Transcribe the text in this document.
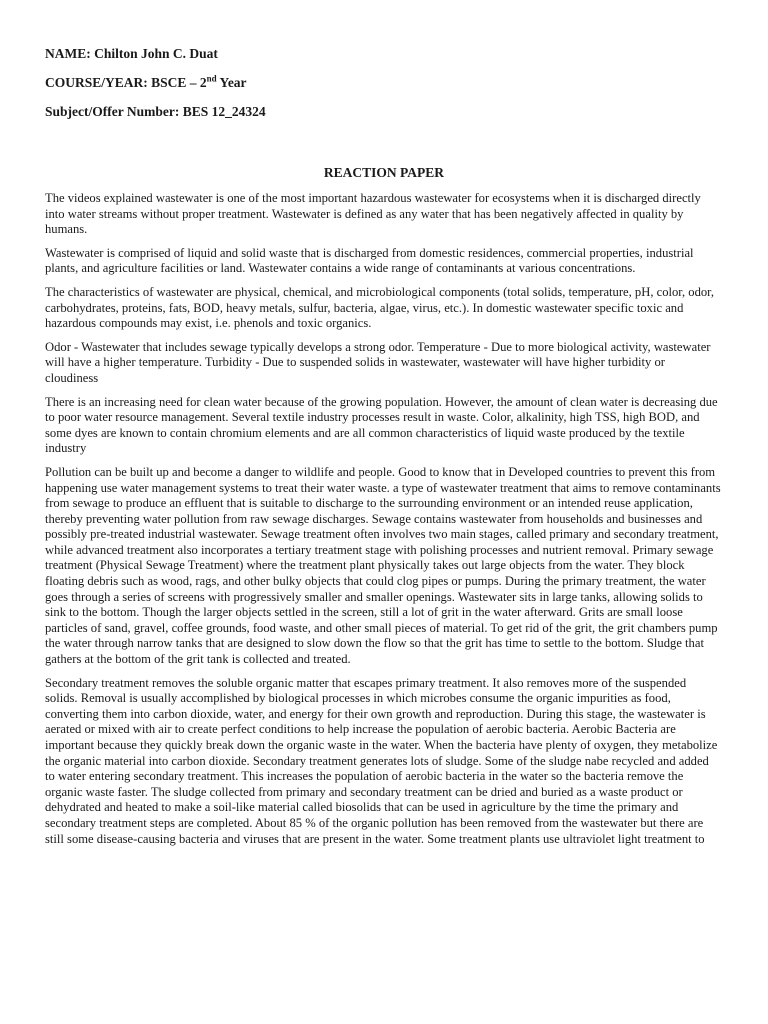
NAME: Chilton John C. Duat
COURSE/YEAR: BSCE – 2nd Year
Subject/Offer Number: BES 12_24324
REACTION PAPER

The videos explained wastewater is one of the most important hazardous wastewater for ecosystems when it is discharged directly into water streams without proper treatment. Wastewater is defined as any water that has been negatively affected in quality by humans.

Wastewater is comprised of liquid and solid waste that is discharged from domestic residences, commercial properties, industrial plants, and agriculture facilities or land. Wastewater contains a wide range of contaminants at various concentrations.

The characteristics of wastewater are physical, chemical, and microbiological components (total solids, temperature, pH, color, odor, carbohydrates, proteins, fats, BOD, heavy metals, sulfur, bacteria, algae, virus, etc.). In domestic wastewater specific toxic and hazardous compounds may exist, i.e. phenols and toxic organics.

Odor - Wastewater that includes sewage typically develops a strong odor. Temperature - Due to more biological activity, wastewater will have a higher temperature. Turbidity - Due to suspended solids in wastewater, wastewater will have higher turbidity or cloudiness

There is an increasing need for clean water because of the growing population. However, the amount of clean water is decreasing due to poor water resource management. Several textile industry processes result in waste. Color, alkalinity, high TSS, high BOD, and some dyes are known to contain chromium elements and are all common characteristics of liquid waste produced by the textile industry

Pollution can be built up and become a danger to wildlife and people. Good to know that in Developed countries to prevent this from happening use water management systems to treat their water waste. a type of wastewater treatment that aims to remove contaminants from sewage to produce an effluent that is suitable to discharge to the surrounding environment or an intended reuse application, thereby preventing water pollution from raw sewage discharges. Sewage contains wastewater from households and businesses and possibly pre-treated industrial wastewater. Sewage treatment often involves two main stages, called primary and secondary treatment, while advanced treatment also incorporates a tertiary treatment stage with polishing processes and nutrient removal. Primary sewage treatment (Physical Sewage Treatment) where the treatment plant physically takes out large objects from the water. They block floating debris such as wood, rags, and other bulky objects that could clog pipes or pumps. During the primary treatment, the water goes through a series of screens with progressively smaller and smaller openings. Wastewater sits in large tanks, allowing solids to sink to the bottom. Though the larger objects settled in the screen, still a lot of grit in the water afterward. Grits are small loose particles of sand, gravel, coffee grounds, food waste, and other small pieces of material. To get rid of the grit, the grit chambers pump the water through narrow tanks that are designed to slow down the flow so that the grit has time to settle to the bottom. Sludge that gathers at the bottom of the grit tank is collected and treated.

Secondary treatment removes the soluble organic matter that escapes primary treatment. It also removes more of the suspended solids. Removal is usually accomplished by biological processes in which microbes consume the organic impurities as food, converting them into carbon dioxide, water, and energy for their own growth and reproduction. During this stage, the wastewater is aerated or mixed with air to create perfect conditions to help increase the population of aerobic bacteria. Aerobic Bacteria are important because they quickly break down the organic waste in the water. When the bacteria have plenty of oxygen, they metabolize the organic material into carbon dioxide. Secondary treatment generates lots of sludge. Some of the sludge nabe recycled and added to water entering secondary treatment. This increases the population of aerobic bacteria in the water so the bacteria remove the organic waste faster. The sludge collected from primary and secondary treatment can be dried and buried as a waste product or dehydrated and heated to make a soil-like material called biosolids that can be used in agriculture by the time the primary and secondary treatment steps are completed. About 85 % of the organic pollution has been removed from the wastewater but there are still some disease-causing bacteria and viruses that are present in the water. Some treatment plants use ultraviolet light treatment to
